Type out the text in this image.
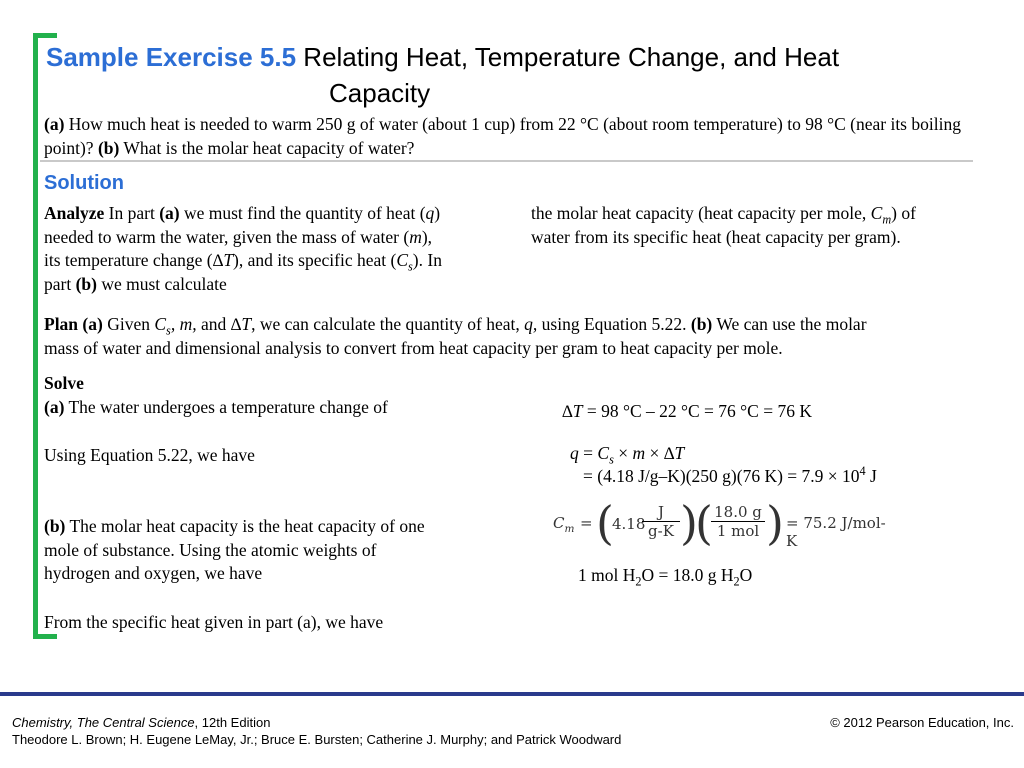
Sample Exercise 5.5 Relating Heat, Temperature Change, and Heat
Capacity
(a) How much heat is needed to warm 250 g of water (about 1 cup) from 22 °C (about room temperature) to 98 °C (near its boiling point)? (b) What is the molar heat capacity of water?
Solution
Analyze In part (a) we must find the quantity of heat (q)
needed to warm the water, given the mass of water (m),
its temperature change (∆T), and its specific heat $(C_s)$. In
part (b) we must calculate
the molar heat capacity (heat capacity per mole, $C_m$) of
water from its specific heat (heat capacity per gram).
Plan (a) Given $C_s$, m, and ∆T, we can calculate the quantity of heat, q, using Equation 5.22. (b) We can use the molar
mass of water and dimensional analysis to convert from heat capacity per gram to heat capacity per mole.
Solve
(a) The water undergoes a temperature change of	∆T = 98 °C – 22 °C = 76 °C = 76 K
Using Equation 5.22, we have	$q = C_s \times m \times \Delta T$
= (4.18 J/g–K)(250 g)(76 $K) = 7.9 \times 10^4$ J
(b) The molar heat capacity is the heat capacity of one
mole of substance. Using the atomic weights of
hydrogen and oxygen, we have
$C_m$ = (
4.18
$\frac{J}{g-K}$ )
( 18.0 g
1 mol ) = 75.2 J/mol-K
1 mol $H_2O = 18.0$ g $H_2O$
From the specific heat given in part (a), we have
Chemistry, The Central Science, 12th Edition
Theodore L. Brown; H. Eugene LeMay, Jr.; Bruce E. Bursten; Catherine J. Murphy; and Patrick Woodward
© 2012 Pearson Education, Inc.
